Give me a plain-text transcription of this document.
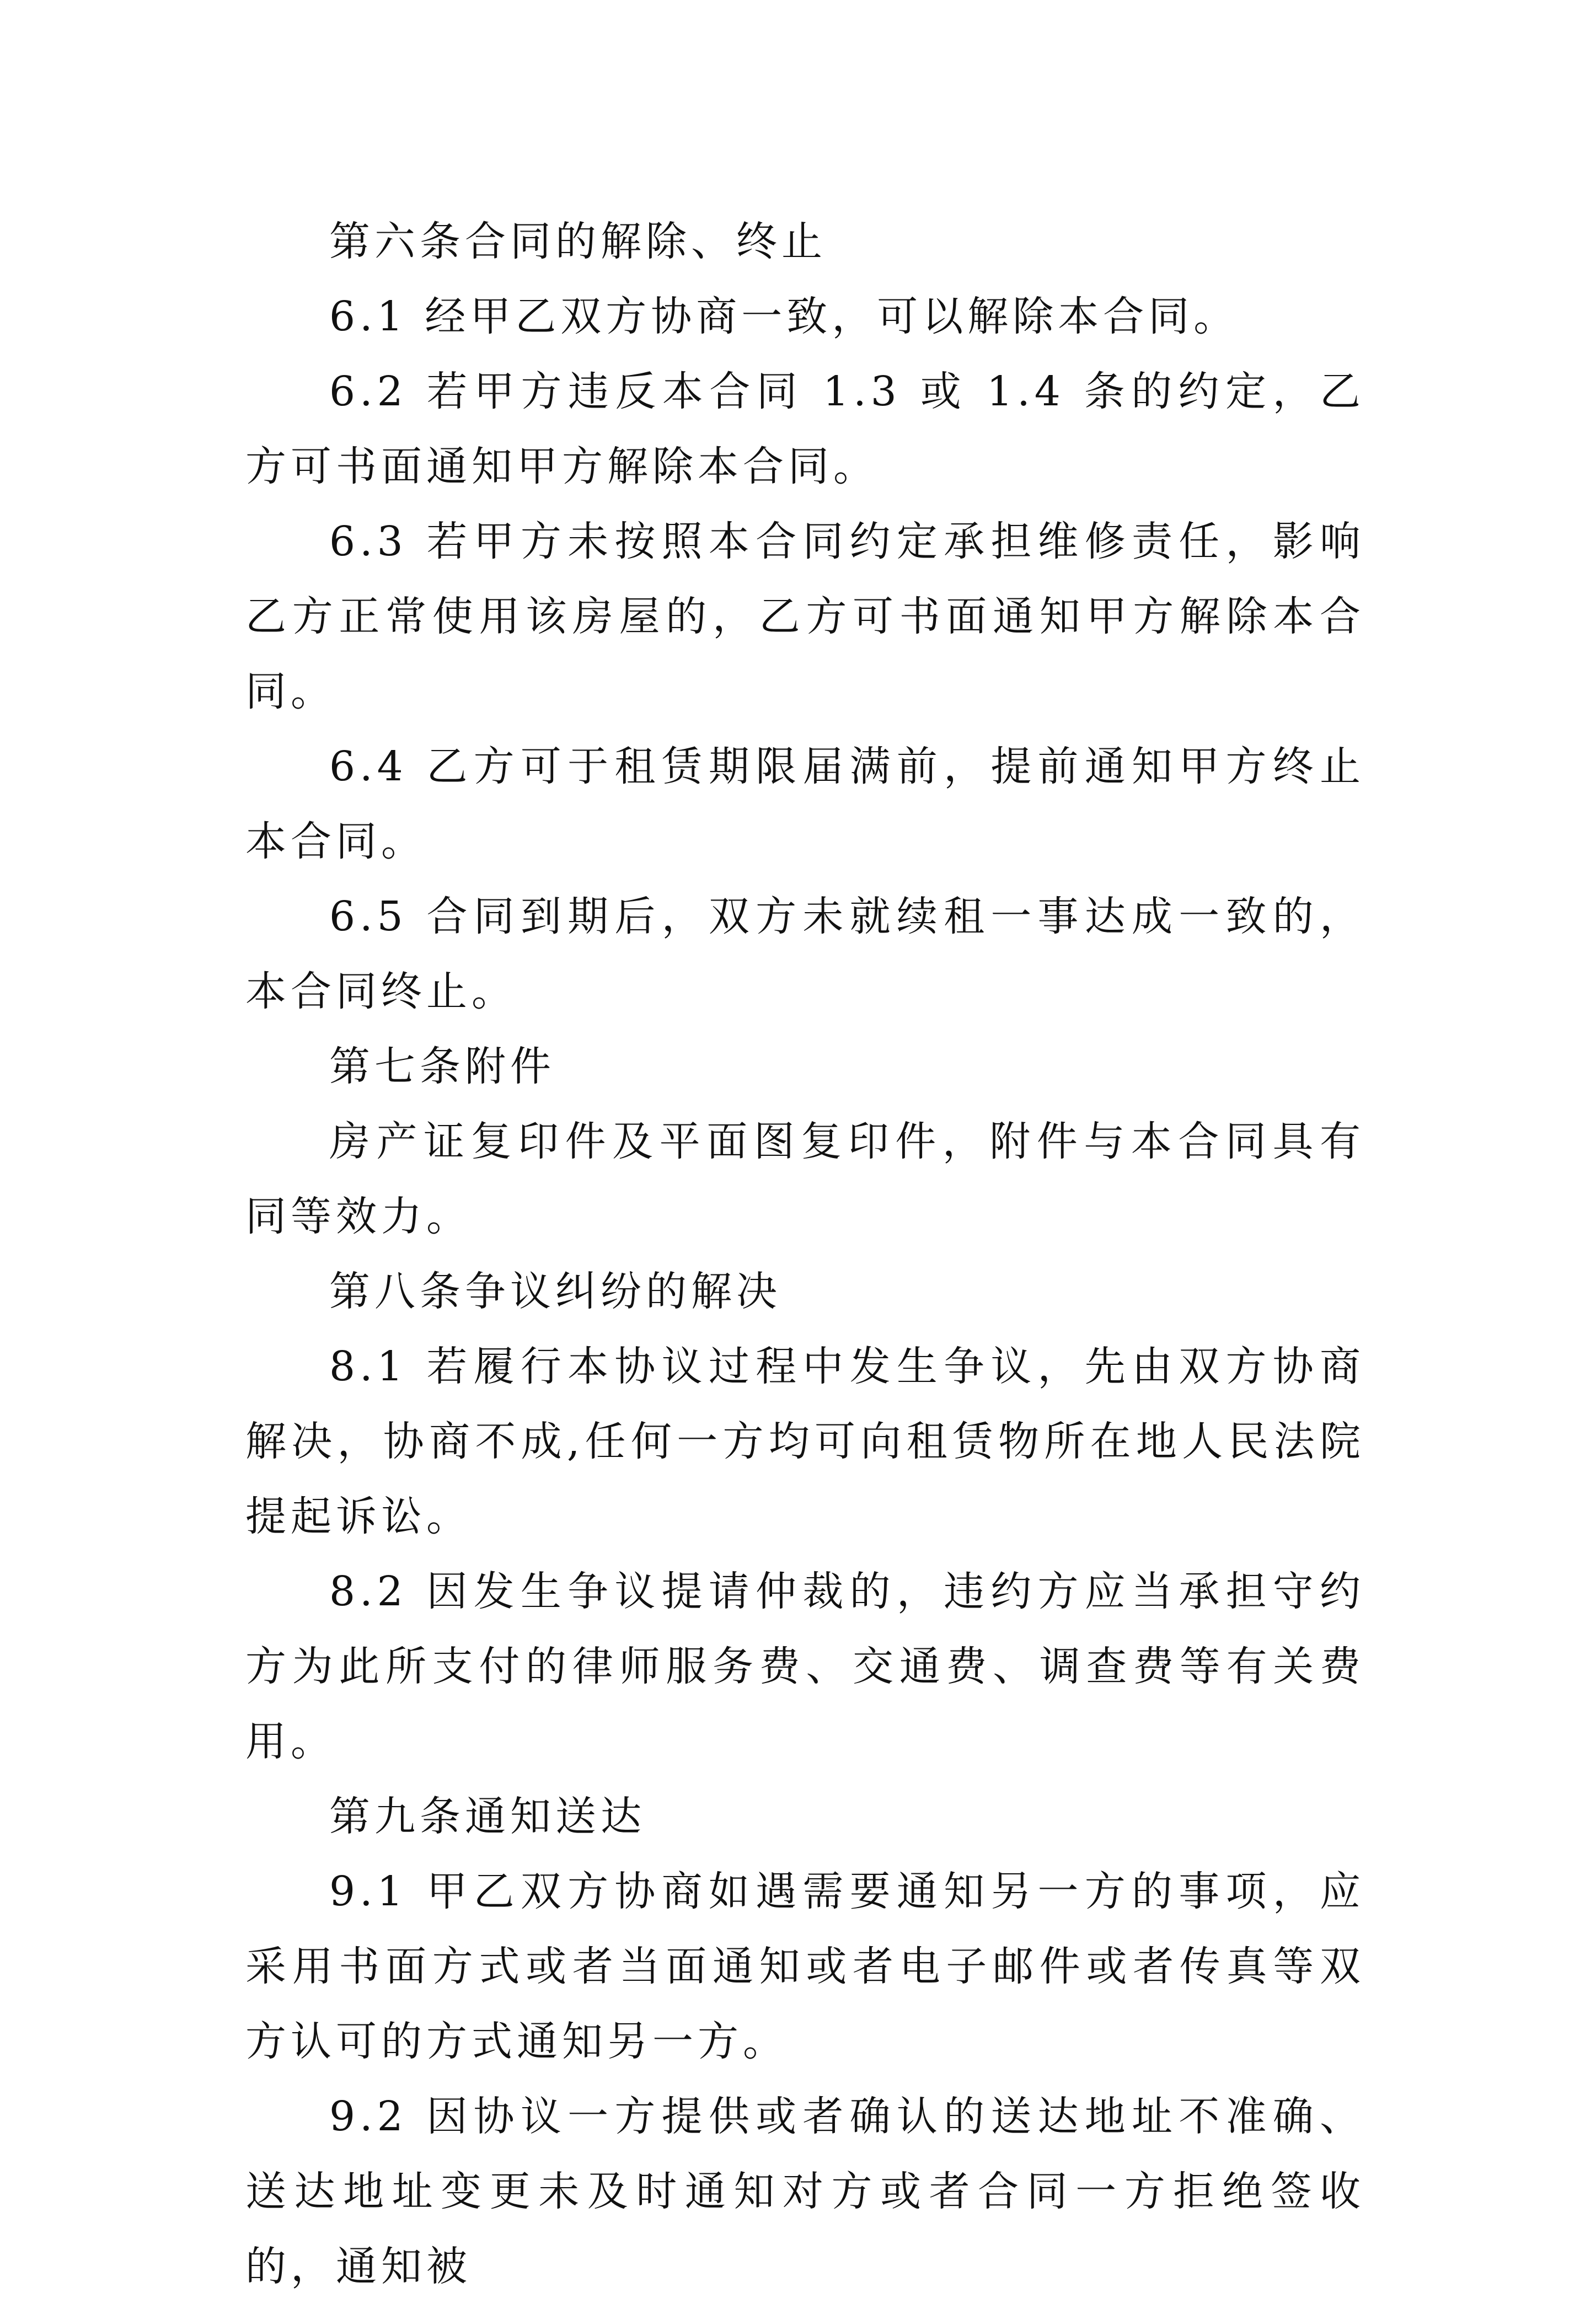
第六条合同的解除、终止

6.1 经甲乙双方协商一致，可以解除本合同。

6.2 若甲方违反本合同 1.3 或 1.4 条的约定，乙方可书面通知甲方解除本合同。

6.3 若甲方未按照本合同约定承担维修责任，影响乙方正常使用该房屋的，乙方可书面通知甲方解除本合同。

6.4 乙方可于租赁期限届满前，提前通知甲方终止本合同。

6.5 合同到期后，双方未就续租一事达成一致的，本合同终止。

第七条附件

房产证复印件及平面图复印件，附件与本合同具有同等效力。

第八条争议纠纷的解决

8.1 若履行本协议过程中发生争议，先由双方协商解决，协商不成,任何一方均可向租赁物所在地人民法院提起诉讼。

8.2 因发生争议提请仲裁的，违约方应当承担守约方为此所支付的律师服务费、交通费、调查费等有关费用。

第九条通知送达

9.1 甲乙双方协商如遇需要通知另一方的事项，应采用书面方式或者当面通知或者电子邮件或者传真等双方认可的方式通知另一方。

9.2 因协议一方提供或者确认的送达地址不准确、送达地址变更未及时通知对方或者合同一方拒绝签收的，通知被
